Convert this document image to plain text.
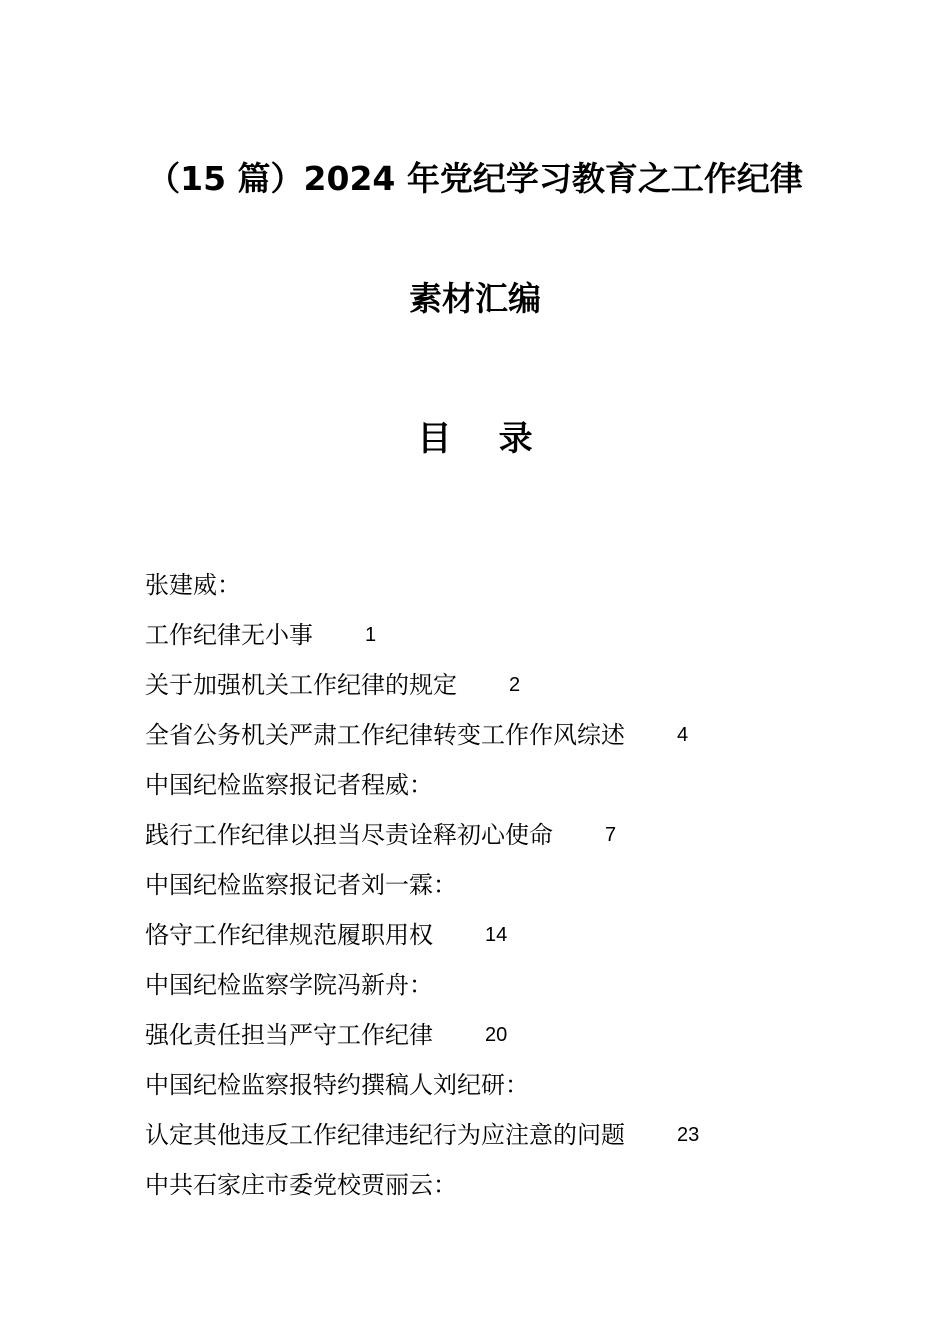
（15 篇）2024 年党纪学习教育之工作纪律
素材汇编
目    录
张建威：
工作纪律无小事	1
关于加强机关工作纪律的规定	2
全省公务机关严肃工作纪律转变工作作风综述	4
中国纪检监察报记者程威：
践行工作纪律以担当尽责诠释初心使命	7
中国纪检监察报记者刘一霖：
恪守工作纪律规范履职用权	14
中国纪检监察学院冯新舟：
强化责任担当严守工作纪律	20
中国纪检监察报特约撰稿人刘纪研：
认定其他违反工作纪律违纪行为应注意的问题	23
中共石家庄市委党校贾丽云：
